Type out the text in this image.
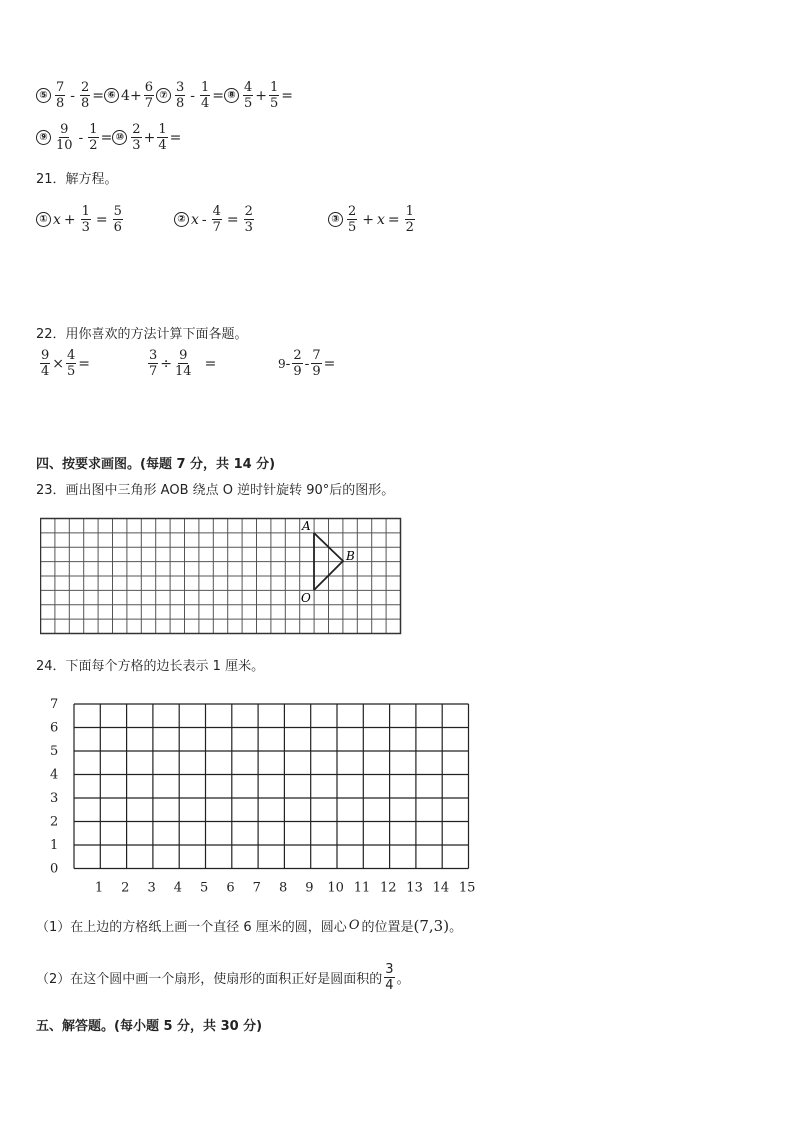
⑤ $\frac{7}{8} - \frac{2}{8}$ = ⑥ $4 + \frac{6}{7}$ ⑦ $\frac{3}{8} - \frac{1}{4}$ = ⑧ $\frac{4}{5} + \frac{1}{5}$ =
⑨ $\frac{9}{10} - \frac{1}{2}$ = ⑩ $\frac{2}{3} + \frac{1}{4}$ =
21．解方程。
① $x + \frac{1}{3} = \frac{5}{6}$	② $x - \frac{4}{7} = \frac{2}{3}$	③ $\frac{2}{5} + x = \frac{1}{2}$
22．用你喜欢的方法计算下面各题。
$\frac{9}{4} \times \frac{4}{5}$ =	$\frac{3}{7} \div \frac{9}{14}$ =	$9 - \frac{2}{9} - \frac{7}{9}$ =
四、按要求画图。(每题 7 分，共 14 分)
23．画出图中三角形 AOB 绕点 O 逆时针旋转 90°后的图形。
A
B
O
24．下面每个方格的边长表示 1 厘米。
0
1
2
3
4
5
6
7
1 2 3 4 5 6 7 8 9 10 11 12 13 14 15
（1）在上边的方格纸上画一个直径 6 厘米的圆，圆心 O 的位置是 (7,3) 。
（2）在这个圆中画一个扇形，使扇形的面积正好是圆面积的 $\frac{3}{4}$ 。
五、解答题。(每小题 5 分，共 30 分)
